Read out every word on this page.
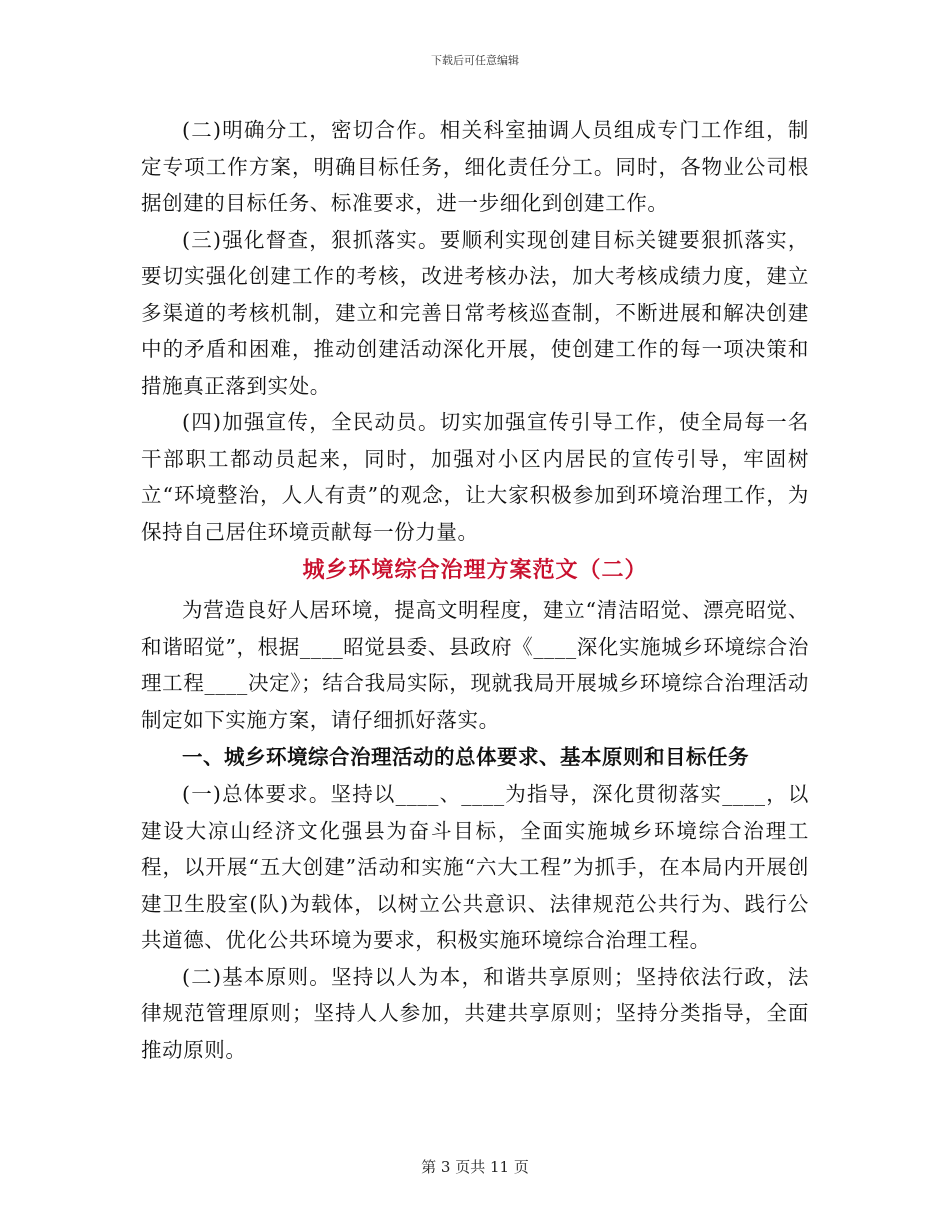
下载后可任意编辑

(二)明确分工，密切合作。相关科室抽调人员组成专门工作组，制定专项工作方案，明确目标任务，细化责任分工。同时，各物业公司根据创建的目标任务、标准要求，进一步细化到创建工作。

(三)强化督查，狠抓落实。要顺利实现创建目标关键要狠抓落实，要切实强化创建工作的考核，改进考核办法，加大考核成绩力度，建立多渠道的考核机制，建立和完善日常考核巡查制，不断进展和解决创建中的矛盾和困难，推动创建活动深化开展，使创建工作的每一项决策和措施真正落到实处。

(四)加强宣传，全民动员。切实加强宣传引导工作，使全局每一名干部职工都动员起来，同时，加强对小区内居民的宣传引导，牢固树立“环境整治，人人有责”的观念，让大家积极参加到环境治理工作，为保持自己居住环境贡献每一份力量。

城乡环境综合治理方案范文（二）

为营造良好人居环境，提高文明程度，建立“清洁昭觉、漂亮昭觉、和谐昭觉”，根据____昭觉县委、县政府《____深化实施城乡环境综合治理工程____决定》；结合我局实际，现就我局开展城乡环境综合治理活动制定如下实施方案，请仔细抓好落实。

一、城乡环境综合治理活动的总体要求、基本原则和目标任务

(一)总体要求。坚持以____、____为指导，深化贯彻落实____，以建设大凉山经济文化强县为奋斗目标，全面实施城乡环境综合治理工程，以开展“五大创建”活动和实施“六大工程”为抓手，在本局内开展创建卫生股室(队)为载体，以树立公共意识、法律规范公共行为、践行公共道德、优化公共环境为要求，积极实施环境综合治理工程。

(二)基本原则。坚持以人为本，和谐共享原则；坚持依法行政，法律规范管理原则；坚持人人参加，共建共享原则；坚持分类指导，全面推动原则。

第 3 页共 11 页
